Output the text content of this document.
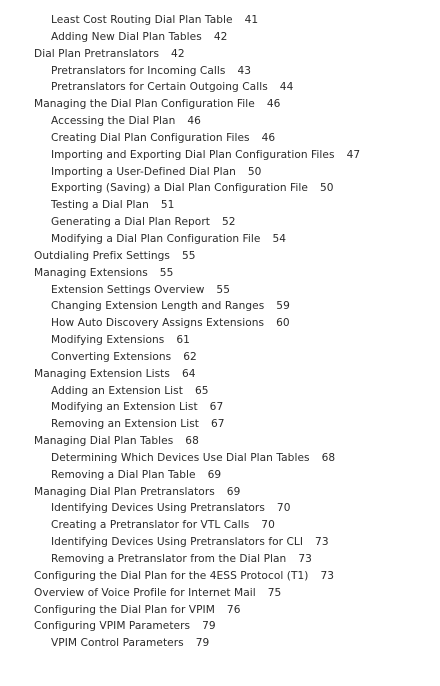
Least Cost Routing Dial Plan Table 41
Adding New Dial Plan Tables 42
Dial Plan Pretranslators 42
Pretranslators for Incoming Calls 43
Pretranslators for Certain Outgoing Calls 44
Managing the Dial Plan Configuration File 46
Accessing the Dial Plan 46
Creating Dial Plan Configuration Files 46
Importing and Exporting Dial Plan Configuration Files 47
Importing a User-Defined Dial Plan 50
Exporting (Saving) a Dial Plan Configuration File 50
Testing a Dial Plan 51
Generating a Dial Plan Report 52
Modifying a Dial Plan Configuration File 54
Outdialing Prefix Settings 55
Managing Extensions 55
Extension Settings Overview 55
Changing Extension Length and Ranges 59
How Auto Discovery Assigns Extensions 60
Modifying Extensions 61
Converting Extensions 62
Managing Extension Lists 64
Adding an Extension List 65
Modifying an Extension List 67
Removing an Extension List 67
Managing Dial Plan Tables 68
Determining Which Devices Use Dial Plan Tables 68
Removing a Dial Plan Table 69
Managing Dial Plan Pretranslators 69
Identifying Devices Using Pretranslators 70
Creating a Pretranslator for VTL Calls 70
Identifying Devices Using Pretranslators for CLI 73
Removing a Pretranslator from the Dial Plan 73
Configuring the Dial Plan for the 4ESS Protocol (T1) 73
Overview of Voice Profile for Internet Mail 75
Configuring the Dial Plan for VPIM 76
Configuring VPIM Parameters 79
VPIM Control Parameters 79
